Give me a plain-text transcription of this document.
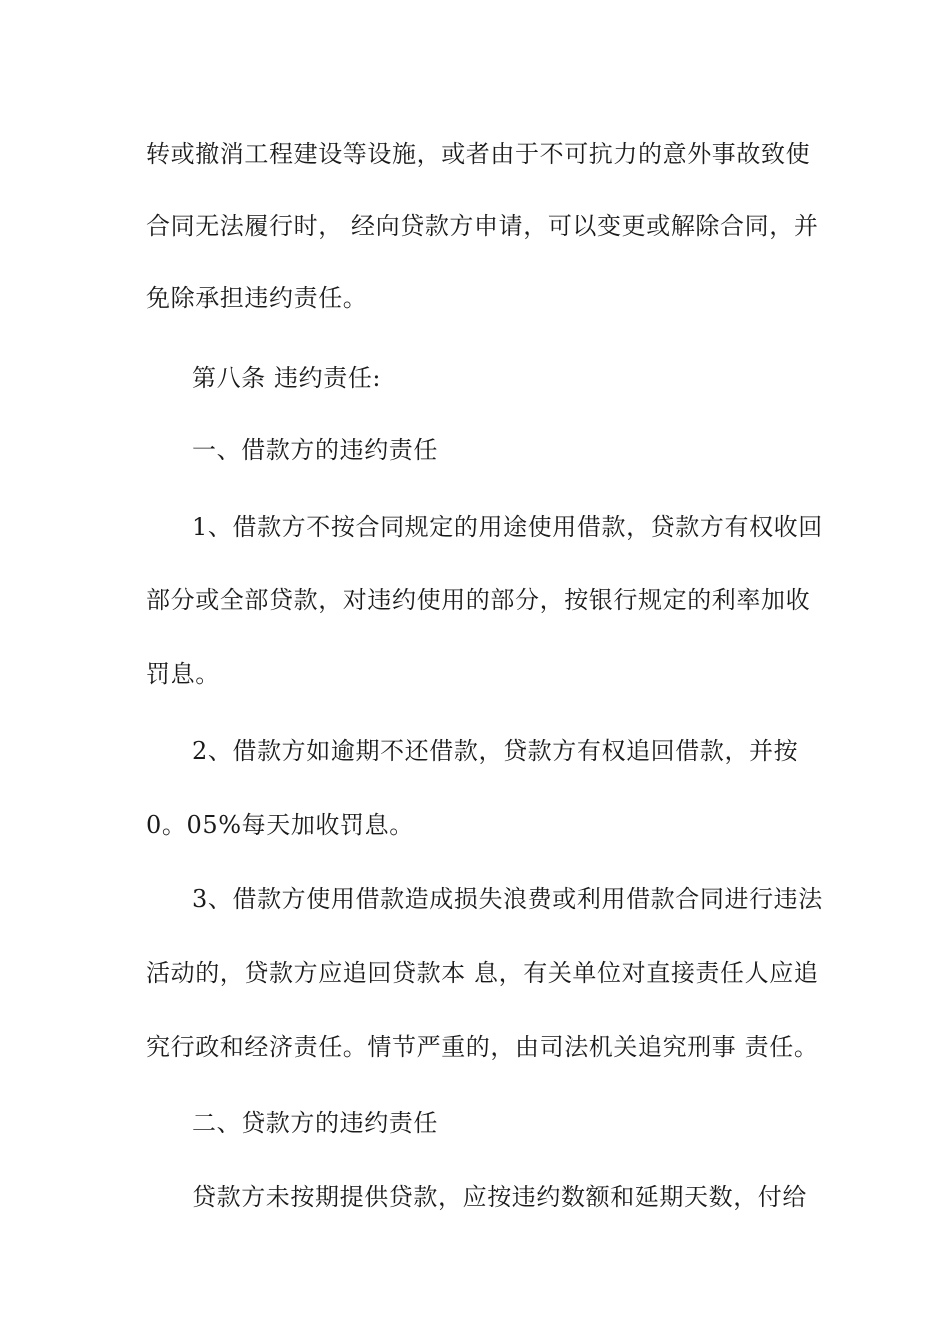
转或撤消工程建设等设施，或者由于不可抗力的意外事故致使
合同无法履行时， 经向贷款方申请，可以变更或解除合同，并
免除承担违约责任。
第八条 违约责任:
一、借款方的违约责任
1、借款方不按合同规定的用途使用借款，贷款方有权收回
部分或全部贷款，对违约使用的部分，按银行规定的利率加收
罚息。
2、借款方如逾期不还借款，贷款方有权追回借款，并按
0。05%每天加收罚息。
3、借款方使用借款造成损失浪费或利用借款合同进行违法
活动的，贷款方应追回贷款本 息，有关单位对直接责任人应追
究行政和经济责任。情节严重的，由司法机关追究刑事 责任。
二、贷款方的违约责任
贷款方未按期提供贷款，应按违约数额和延期天数，付给
